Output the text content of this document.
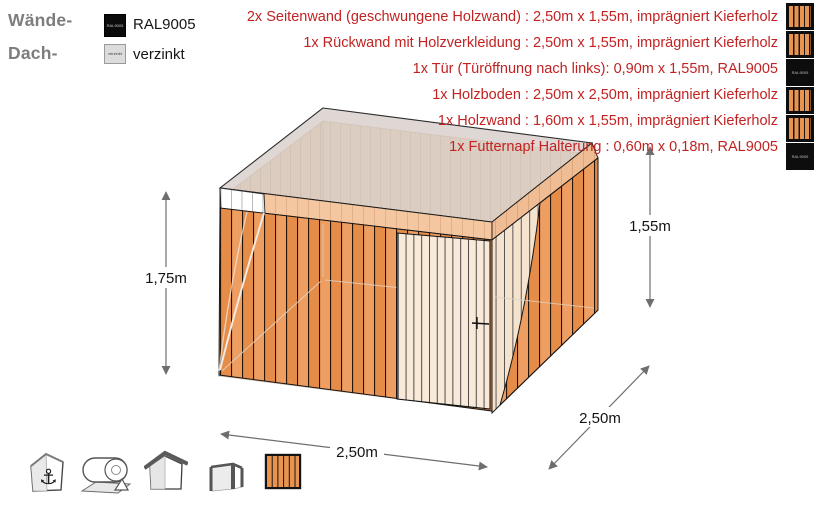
1,75m
1,55m
2,50m
2,50m
Wände-	RAL9005 RAL9005
Dach-	verzinkt verzinkt
2x Seitenwand (geschwungene Holzwand) : 2,50m x 1,55m, imprägniert Kieferholz
1x Rückwand mit Holzverkleidung : 2,50m x 1,55m, imprägniert Kieferholz
1x Tür (Türöffnung nach links): 0,90m x 1,55m, RAL9005
1x Holzboden : 2,50m x 2,50m, imprägniert Kieferholz
1x Holzwand : 1,60m x 1,55m, imprägniert Kieferholz
1x Futternapf Halterung : 0,60m x 0,18m, RAL9005
RAL9005
RAL9005
⚓
